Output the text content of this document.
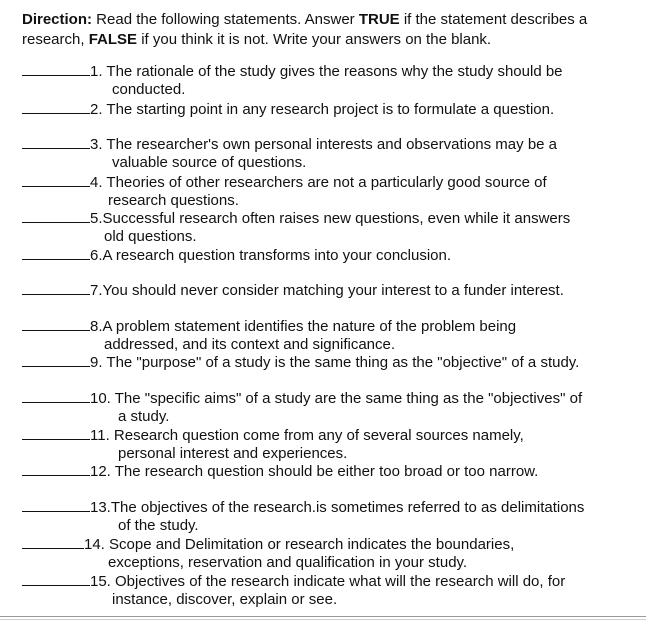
Direction: Read the following statements. Answer TRUE if the statement describes a research, FALSE if you think it is not. Write your answers on the blank.
1. The rationale of the study gives the reasons why the study should be
conducted.
2. The starting point in any research project is to formulate a question.
3. The researcher's own personal interests and observations may be a
valuable source of questions.
4. Theories of other researchers are not a particularly good source of
research questions.
5.Successful research often raises new questions, even while it answers
old questions.
6.A research question transforms into your conclusion.
7.You should never consider matching your interest to a funder interest.
8.A problem statement identifies the nature of the problem being
addressed, and its context and significance.
9. The "purpose" of a study is the same thing as the "objective" of a study.
10. The "specific aims" of a study are the same thing as the "objectives" of
a study.
11. Research question come from any of several sources namely,
personal interest and experiences.
12. The research question should be either too broad or too narrow.
13.The objectives of the research.is sometimes referred to as delimitations
of the study.
14. Scope and Delimitation or research indicates the boundaries,
exceptions, reservation and qualification in your study.
15. Objectives of the research indicate what will the research will do, for
instance, discover, explain or see.
